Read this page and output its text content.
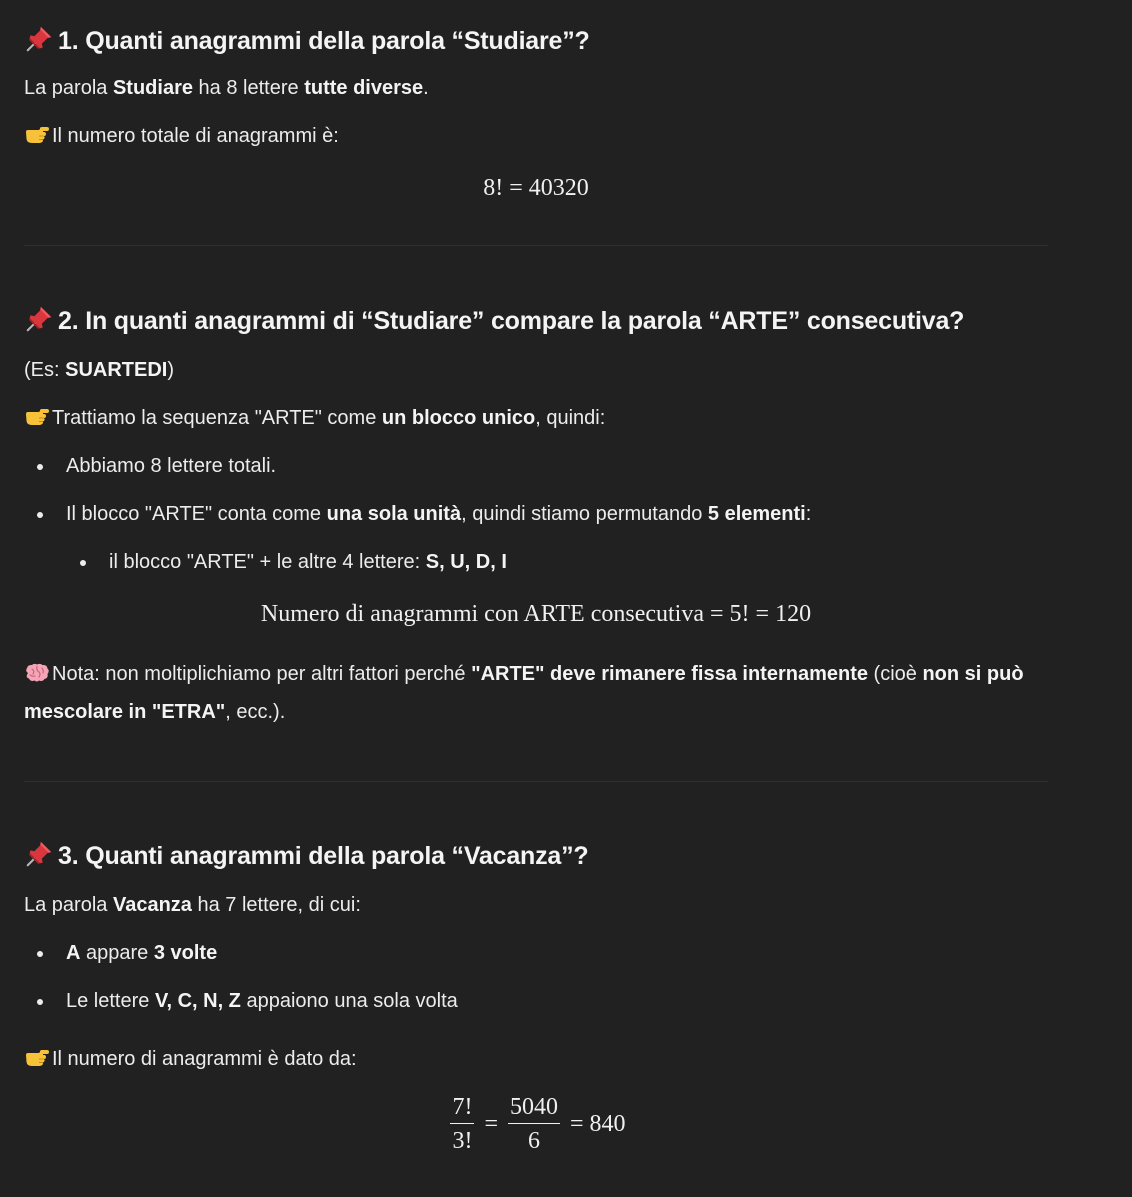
1. Quanti anagrammi della parola “Studiare”?

La parola Studiare ha 8 lettere tutte diverse.

Il numero totale di anagrammi è:

8! = 40320
2. In quanti anagrammi di “Studiare” compare la parola “ARTE” consecutiva?

(Es: SUARTEDI)

Trattiamo la sequenza "ARTE" come un blocco unico, quindi:

Abbiamo 8 lettere totali.
Il blocco "ARTE" conta come una sola unità, quindi stiamo permutando 5 elementi:
il blocco "ARTE" + le altre 4 lettere: S, U, D, I
Numero di anagrammi con ARTE consecutiva = 5! = 120

Nota: non moltiplichiamo per altri fattori perché "ARTE" deve rimanere fissa internamente (cioè non si può mescolare in "ETRA", ecc.).

3. Quanti anagrammi della parola “Vacanza”?

La parola Vacanza ha 7 lettere, di cui:

A appare 3 volte
Le lettere V, C, N, Z appaiono una sola volta

Il numero di anagrammi è dato da:

$\frac{7!}{3!} = \frac{5040}{6} = 840$
